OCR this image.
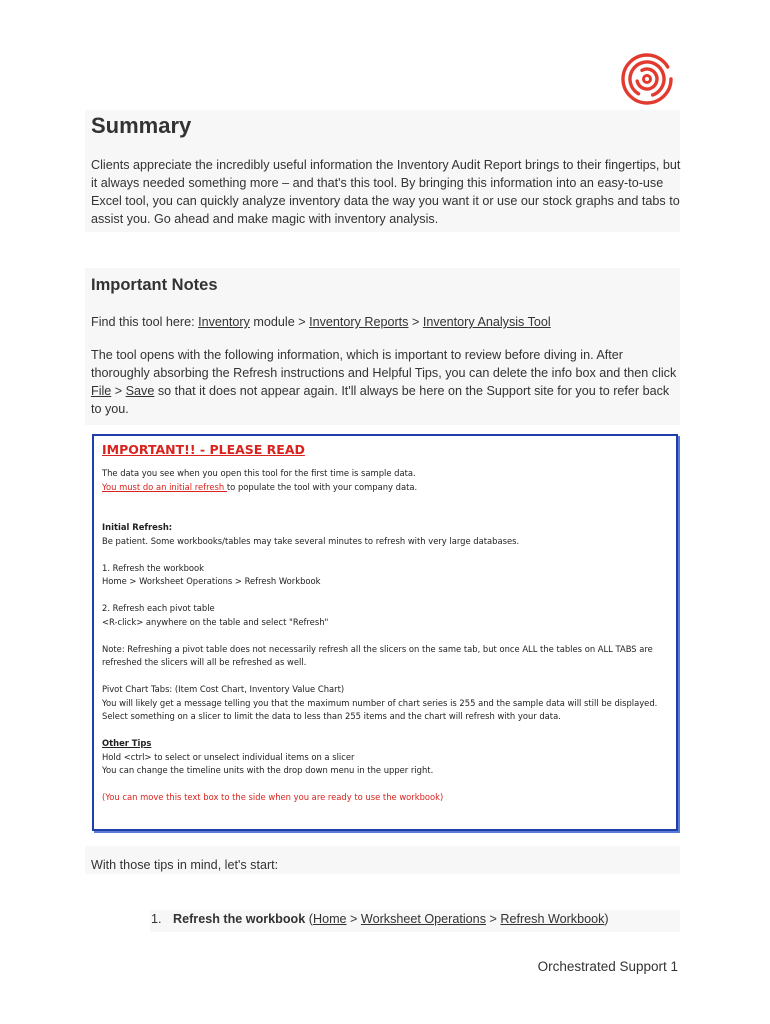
Summary

Clients appreciate the incredibly useful information the Inventory Audit Report brings to their fingertips, but it always needed something more – and that's this tool. By bringing this information into an easy-to-use Excel tool, you can quickly analyze inventory data the way you want it or use our stock graphs and tabs to assist you. Go ahead and make magic with inventory analysis.

Important Notes

Find this tool here: Inventory module > Inventory Reports > Inventory Analysis Tool

The tool opens with the following information, which is important to review before diving in. After thoroughly absorbing the Refresh instructions and Helpful Tips, you can delete the info box and then click File > Save so that it does not appear again. It'll always be here on the Support site for you to refer back to you.

IMPORTANT!! - PLEASE READ

The data you see when you open this tool for the first time is sample data.

You must do an initial refresh to populate the tool with your company data.

Initial Refresh:

Be patient. Some workbooks/tables may take several minutes to refresh with very large databases.

1. Refresh the workbook

Home > Worksheet Operations > Refresh Workbook

2. Refresh each pivot table

<R-click> anywhere on the table and select "Refresh"

Note: Refreshing a pivot table does not necessarily refresh all the slicers on the same tab, but once ALL the tables on ALL TABS are refreshed the slicers will all be refreshed as well.

Pivot Chart Tabs: (Item Cost Chart, Inventory Value Chart)

You will likely get a message telling you that the maximum number of chart series is 255 and the sample data will still be displayed. Select something on a slicer to limit the data to less than 255 items and the chart will refresh with your data.

Other Tips

Hold <ctrl> to select or unselect individual items on a slicer

You can change the timeline units with the drop down menu in the upper right.

(You can move this text box to the side when you are ready to use the workbook)

With those tips in mind, let's start:

1. Refresh the workbook (Home > Worksheet Operations > Refresh Workbook)

Orchestrated Support 1
